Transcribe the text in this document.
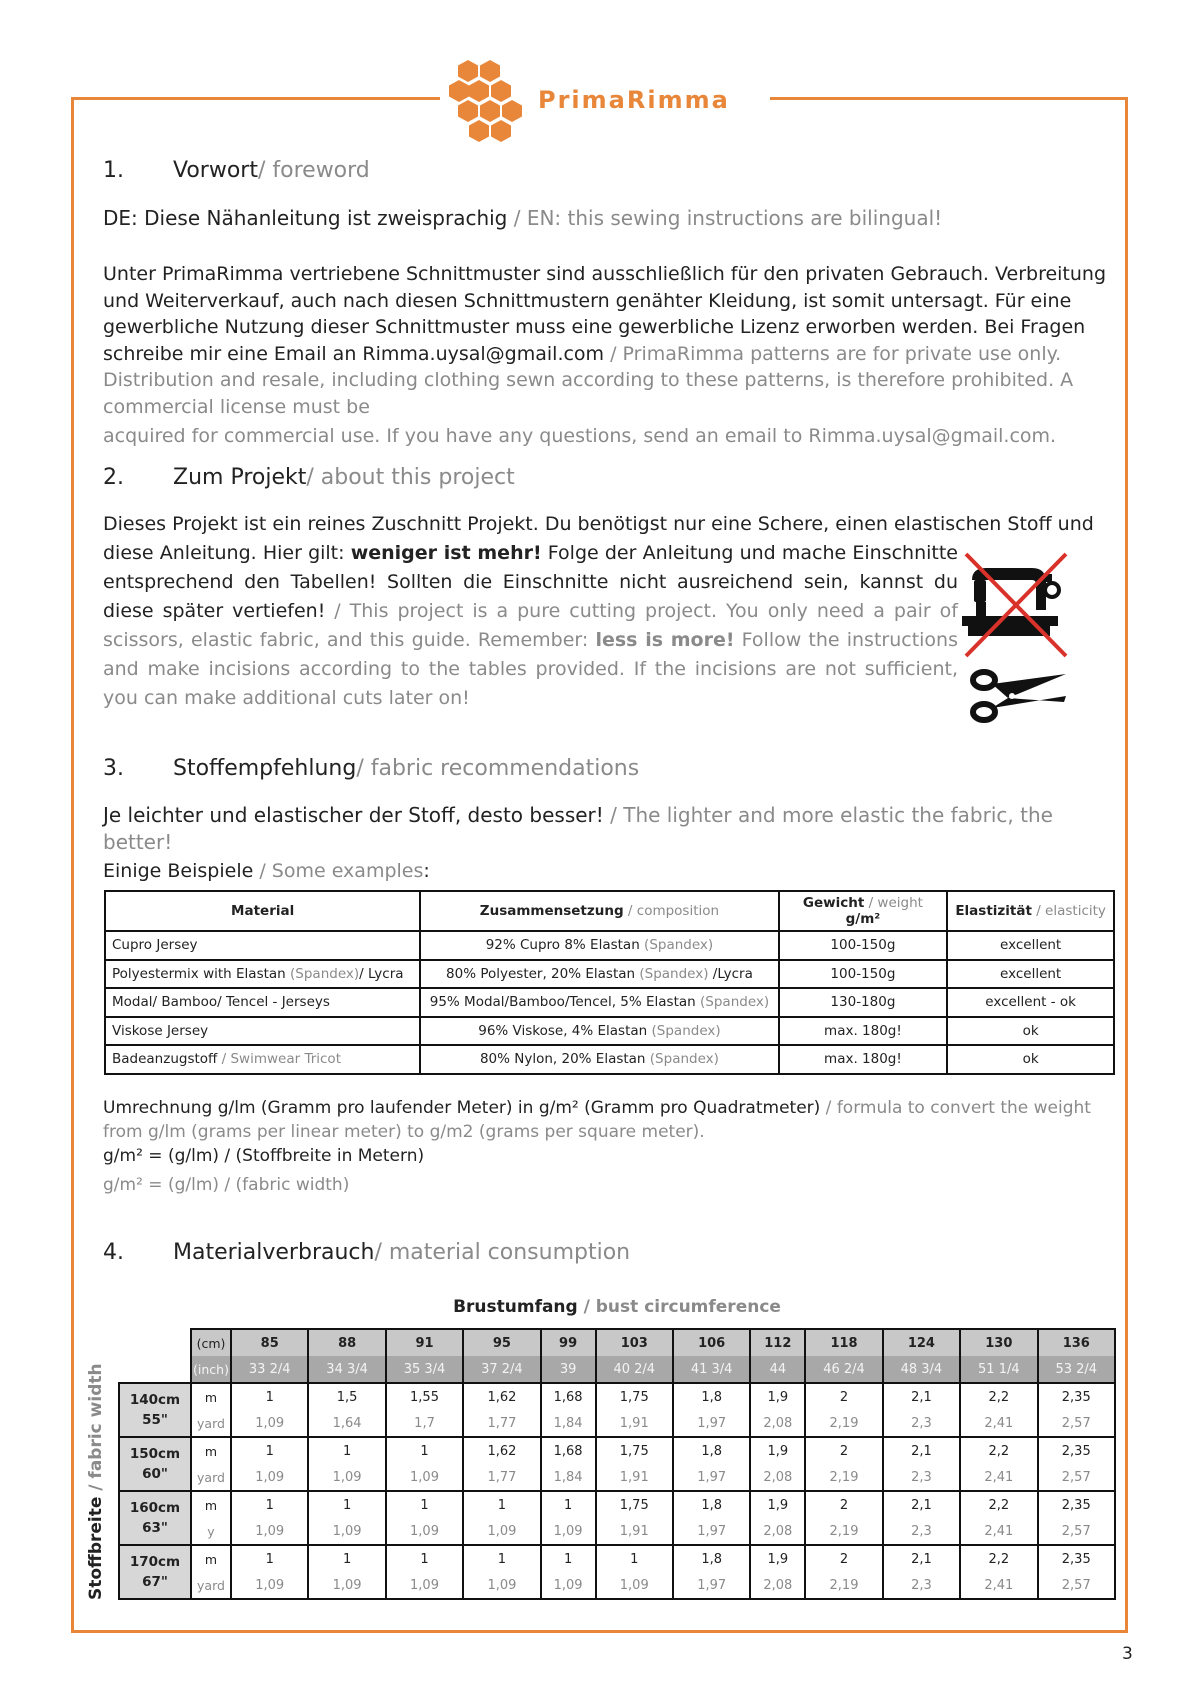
PrimaRimma
1.	Vorwort / foreword
DE: Diese Nähanleitung ist zweisprachig / EN: this sewing instructions are bilingual!
Unter PrimaRimma vertriebene Schnittmuster sind ausschließlich für den privaten Gebrauch. Verbreitung und Weiterverkauf, auch nach diesen Schnittmustern genähter Kleidung, ist somit untersagt. Für eine gewerbliche Nutzung dieser Schnittmuster muss eine gewerbliche Lizenz erworben werden. Bei Fragen schreibe mir eine Email an Rimma.uysal@gmail.com / PrimaRimma patterns are for private use only. Distribution and resale, including clothing sewn according to these patterns, is therefore prohibited. A commercial license must be
acquired for commercial use. If you have any questions, send an email to Rimma.uysal@gmail.com.
2.	Zum Projekt / about this project
Dieses Projekt ist ein reines Zuschnitt Projekt. Du benötigst nur eine Schere, einen elastischen Stoff und
diese Anleitung. Hier gilt: weniger ist mehr! Folge der Anleitung und mache Einschnitte entsprechend den Tabellen! Sollten die Einschnitte nicht ausreichend sein, kannst du diese später vertiefen! / This project is a pure cutting project. You only need a pair of scissors, elastic fabric, and this guide. Remember: less is more! Follow the instructions and make incisions according to the tables provided. If the incisions are not sufficient, you can make additional cuts later on!
3.	Stoffempfehlung / fabric recommendations
Je leichter und elastischer der Stoff, desto besser! / The lighter and more elastic the fabric, the better!
Einige Beispiele / Some examples:
Material	Zusammensetzung / composition	Gewicht / weight g/m²	Elastizität / elasticity
Cupro Jersey	92% Cupro 8% Elastan (Spandex)	100-150g	excellent
Polyestermix with Elastan (Spandex)/ Lycra	80% Polyester, 20% Elastan (Spandex) /Lycra	100-150g	excellent
Modal/ Bamboo/ Tencel - Jerseys	95% Modal/Bamboo/Tencel, 5% Elastan (Spandex)	130-180g	excellent - ok
Viskose Jersey	96% Viskose, 4% Elastan (Spandex)	max. 180g!	ok
Badeanzugstoff / Swimwear Tricot	80% Nylon, 20% Elastan (Spandex)	max. 180g!	ok
Umrechnung g/lm (Gramm pro laufender Meter) in g/m² (Gramm pro Quadratmeter) / formula to convert the weight from g/lm (grams per linear meter) to g/m2 (grams per square meter).
g/m² = (g/lm) / (Stoffbreite in Metern)
g/m² = (g/lm) / (fabric width)
4.	Materialverbrauch / material consumption
Brustumfang / bust circumference
Stoffbreite / fabric width
	(cm)	85	88	91	95	99	103	106	112	118	124	130	136
	(inch)	33 2/4	34 3/4	35 3/4	37 2/4	39	40 2/4	41 3/4	44	46 2/4	48 3/4	51 1/4	53 2/4

140cm
55"	m	1	1,5	1,55	1,62	1,68	1,75	1,8	1,9	2	2,1	2,2	2,35
	yard	1,09	1,64	1,7	1,77	1,84	1,91	1,97	2,08	2,19	2,3	2,41	2,57

150cm
60"	m	1	1	1	1,62	1,68	1,75	1,8	1,9	2	2,1	2,2	2,35
	yard	1,09	1,09	1,09	1,77	1,84	1,91	1,97	2,08	2,19	2,3	2,41	2,57

160cm
63"	m	1	1	1	1	1	1,75	1,8	1,9	2	2,1	2,2	2,35
	y	1,09	1,09	1,09	1,09	1,09	1,91	1,97	2,08	2,19	2,3	2,41	2,57

170cm
67"	m	1	1	1	1	1	1	1,8	1,9	2	2,1	2,2	2,35
	yard	1,09	1,09	1,09	1,09	1,09	1,09	1,97	2,08	2,19	2,3	2,41	2,57
3
